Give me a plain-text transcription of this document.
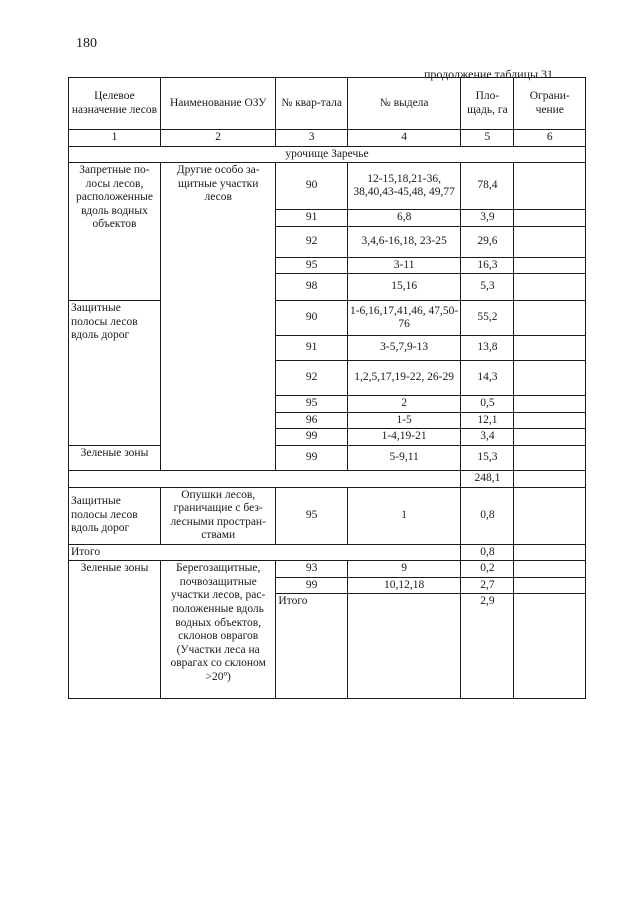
180
продолжение таблицы 31
Целевое назначение лесов	Наименование ОЗУ	№ квар-тала	№ выдела	Пло-щадь, га	Ограни-чение
1	2	3	4	5	6
урочище Заречье					
Запретные по-лосы лесов, расположенные вдоль водных объектов	Другие особо за-щитные участки лесов	90	12-15,18,21-36, 38,40,43-45,48, 49,77	78,4	
		91	6,8	3,9	
		92	3,4,6-16,18, 23-25	29,6	
		95	3-11	16,3	
		98	15,16	5,3	
Защитные полосы лесов вдоль дорог		90	1-6,16,17,41,46, 47,50-76	55,2	
		91	3-5,7,9-13	13,8	
		92	1,2,5,17,19-22, 26-29	14,3	
		95	2	0,5	
		96	1-5	12,1	
		99	1-4,19-21	3,4	
Зеленые зоны		99	5-9,11	15,3	
				248,1	
Защитные полосы лесов вдоль дорог	Опушки лесов, граничащие с без-лесными простран-ствами	95	1	0,8	
Итого				0,8	
Зеленые зоны	Берегозащитные, почвозащитные участки лесов, рас-положенные вдоль водных объектов, склонов оврагов (Участки леса на оврагах со склоном >20º)	93	9	0,2	
		99	10,12,18	2,7	
		Итого		2,9	
